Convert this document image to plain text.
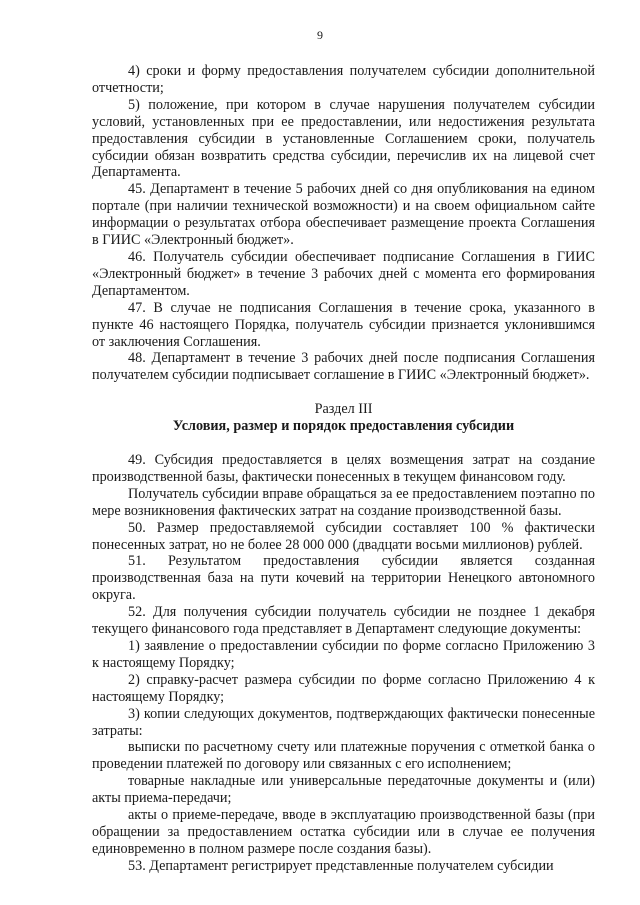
9

4) сроки и форму предоставления получателем субсидии дополнительной отчетности;

5) положение, при котором в случае нарушения получателем субсидии условий, установленных при ее предоставлении, или недостижения результата предоставления субсидии в установленные Соглашением сроки, получатель субсидии обязан возвратить средства субсидии, перечислив их на лицевой счет Департамента.

45. Департамент в течение 5 рабочих дней со дня опубликования на едином портале (при наличии технической возможности) и на своем официальном сайте информации о результатах отбора обеспечивает размещение проекта Соглашения в ГИИС «Электронный бюджет».

46. Получатель субсидии обеспечивает подписание Соглашения в ГИИС «Электронный бюджет» в течение 3 рабочих дней с момента его формирования Департаментом.

47. В случае не подписания Соглашения в течение срока, указанного в пункте 46 настоящего Порядка, получатель субсидии признается уклонившимся от заключения Соглашения.

48. Департамент в течение 3 рабочих дней после подписания Соглашения получателем субсидии подписывает соглашение в ГИИС «Электронный бюджет».

Раздел III

Условия, размер и порядок предоставления субсидии

49. Субсидия предоставляется в целях возмещения затрат на создание производственной базы, фактически понесенных в текущем финансовом году.

Получатель субсидии вправе обращаться за ее предоставлением поэтапно по мере возникновения фактических затрат на создание производственной базы.

50. Размер предоставляемой субсидии составляет 100 % фактически понесенных затрат, но не более 28 000 000 (двадцати восьми миллионов) рублей.

51. Результатом предоставления субсидии является созданная производственная база на пути кочевий на территории Ненецкого автономного округа.

52. Для получения субсидии получатель субсидии не позднее 1 декабря текущего финансового года представляет в Департамент следующие документы:

1) заявление о предоставлении субсидии по форме согласно Приложению 3 к настоящему Порядку;

2) справку-расчет размера субсидии по форме согласно Приложению 4 к настоящему Порядку;

3) копии следующих документов, подтверждающих фактически понесенные затраты:

выписки по расчетному счету или платежные поручения с отметкой банка о проведении платежей по договору или связанных с его исполнением;

товарные накладные или универсальные передаточные документы и (или) акты приема-передачи;

акты о приеме-передаче, вводе в эксплуатацию производственной базы (при обращении за предоставлением остатка субсидии или в случае ее получения единовременно в полном размере после создания базы).

53. Департамент регистрирует представленные получателем субсидии
